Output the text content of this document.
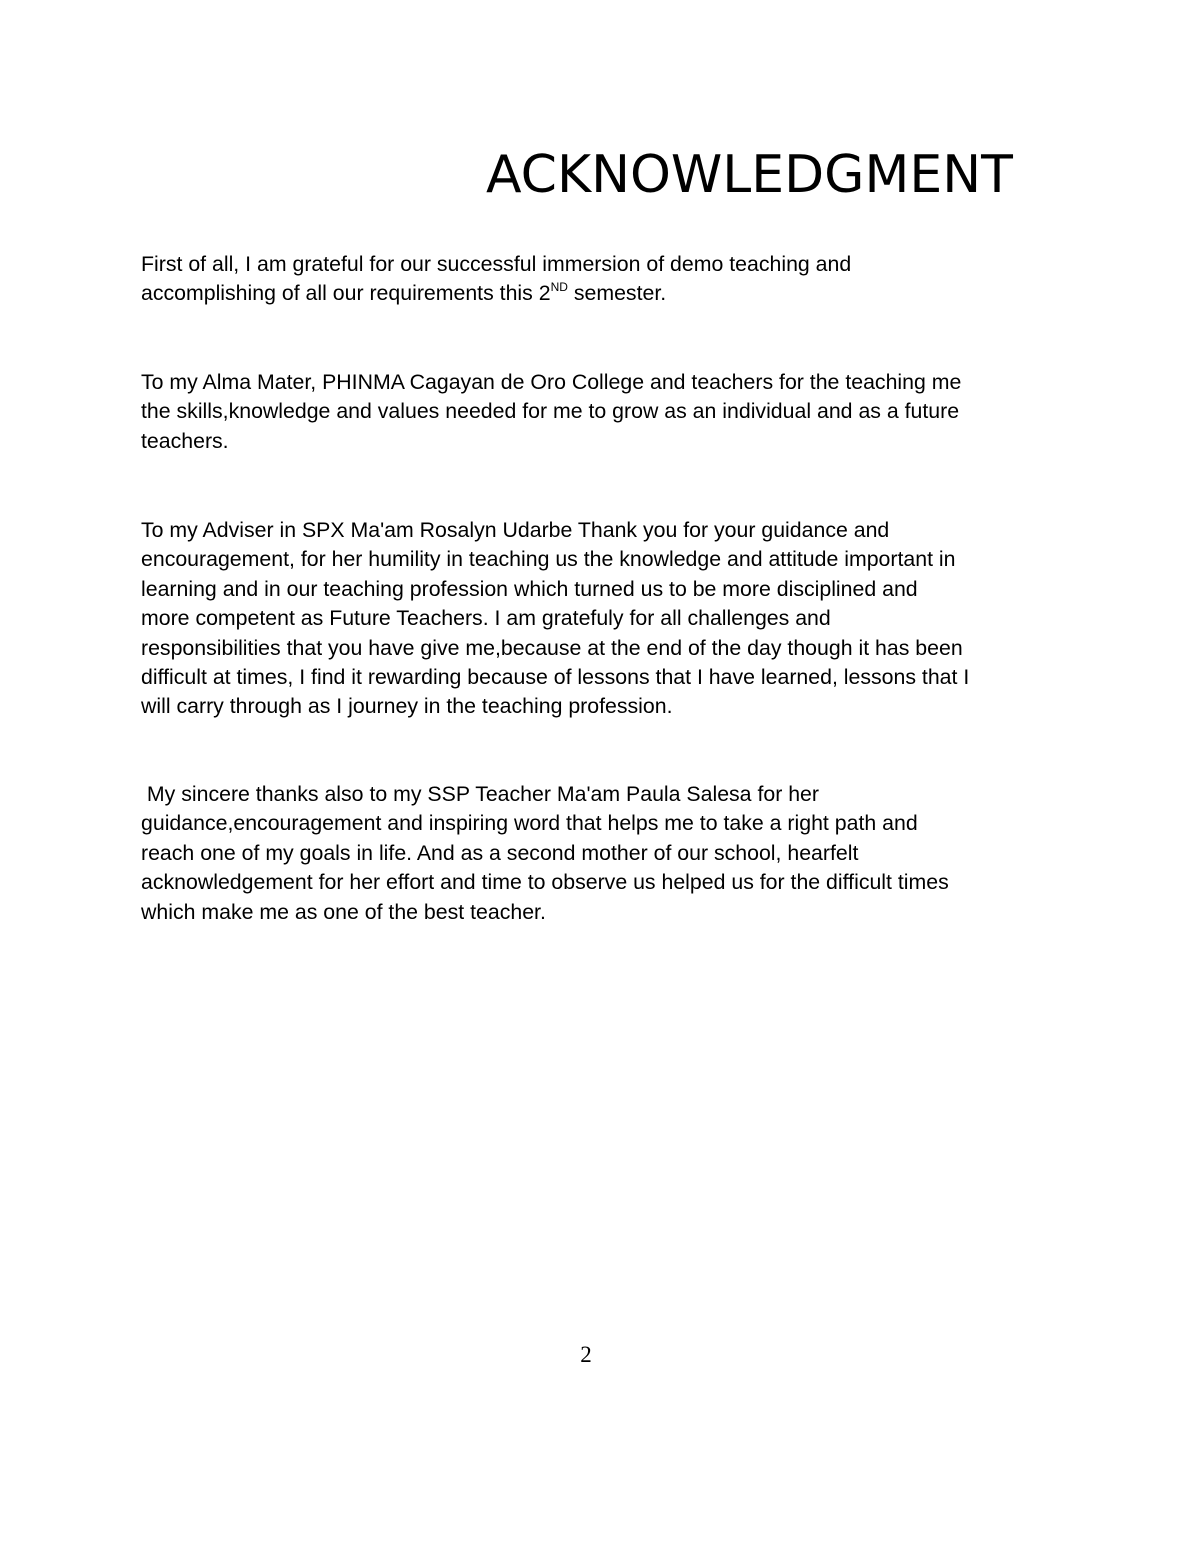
ACKNOWLEDGMENT

First of all, I am grateful for our successful immersion of demo teaching and
accomplishing of all our requirements this 2ND semester.

To my Alma Mater, PHINMA Cagayan de Oro College and teachers for the teaching me
the skills,knowledge and values needed for me to grow as an individual and as a future
teachers.

To my Adviser in SPX Ma'am Rosalyn Udarbe Thank you for your guidance and
encouragement, for her humility in teaching us the knowledge and attitude important in
learning and in our teaching profession which turned us to be more disciplined and
more competent as Future Teachers. I am gratefuly for all challenges and
responsibilities that you have give me,because at the end of the day though it has been
difficult at times, I find it rewarding because of lessons that I have learned, lessons that I
will carry through as I journey in the teaching profession.

My sincere thanks also to my SSP Teacher Ma'am Paula Salesa for her
guidance,encouragement and inspiring word that helps me to take a right path and
reach one of my goals in life. And as a second mother of our school, hearfelt
acknowledgement for her effort and time to observe us helped us for the difficult times
which make me as one of the best teacher.

2
